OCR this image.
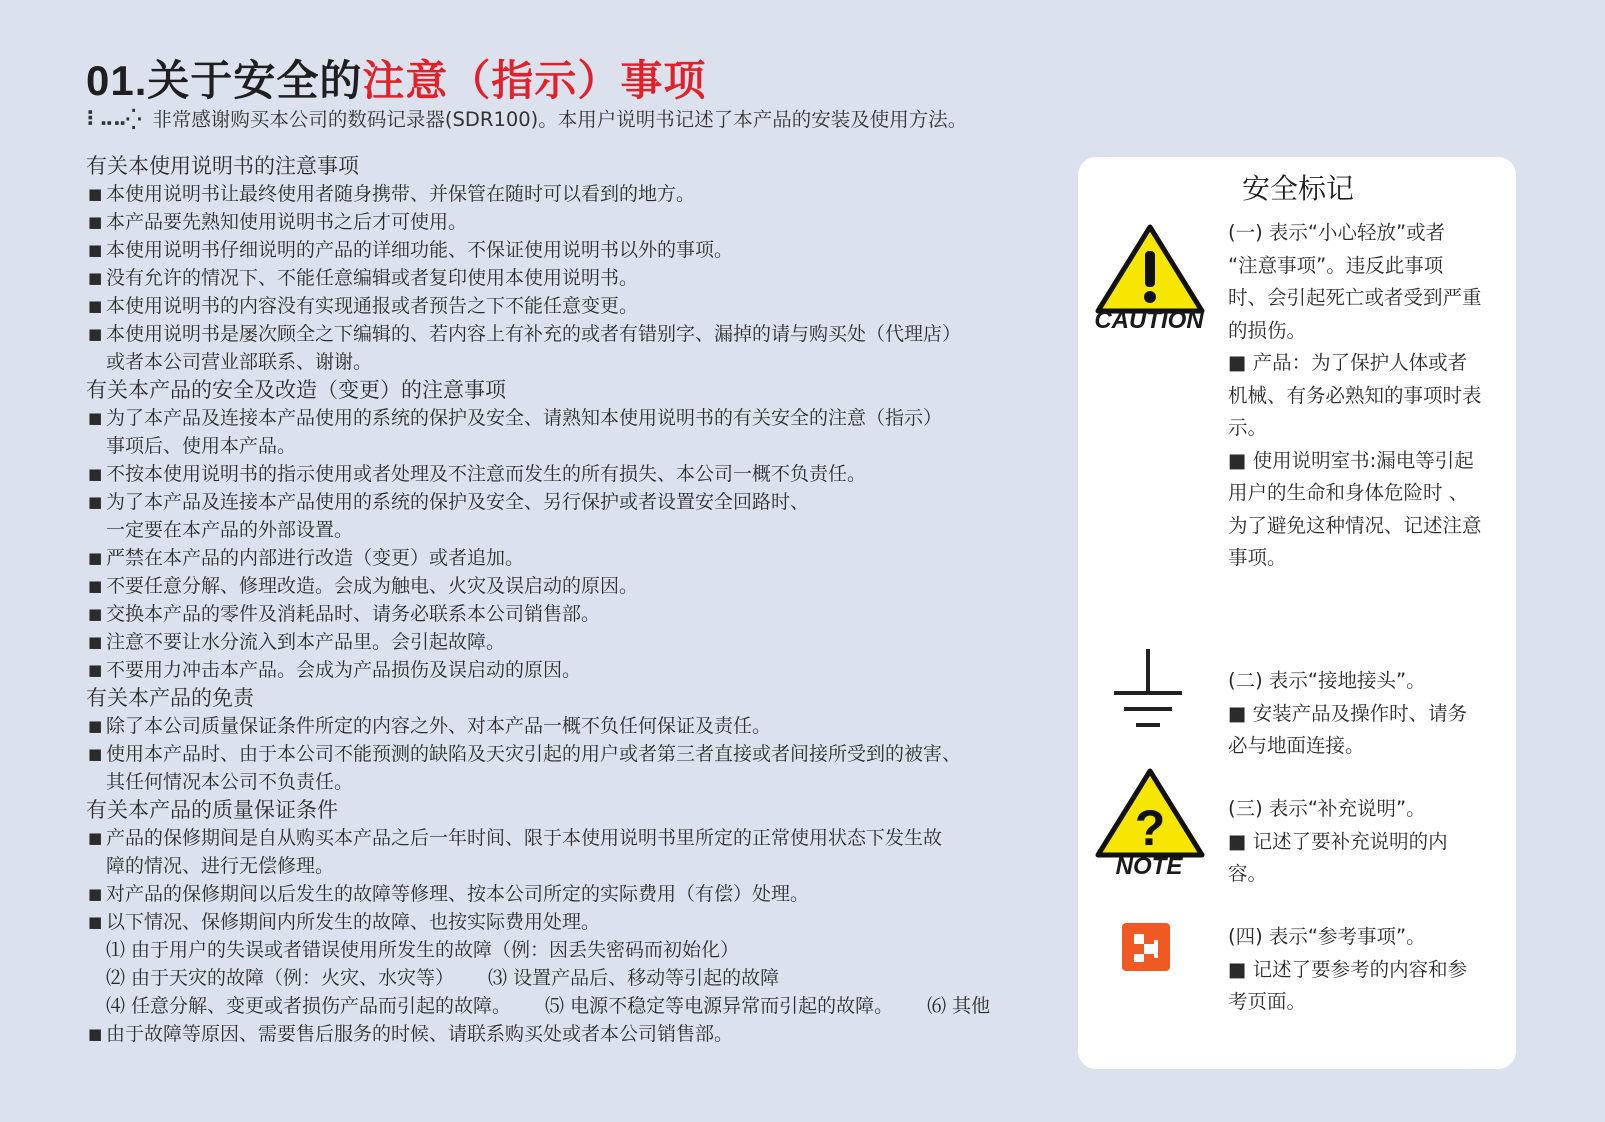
01.关于安全的注意（指示）事项
⠇⠤⠤⁛ 非常感谢购买本公司的数码记录器(SDR100)。本用户说明书记述了本产品的安装及使用方法。
有关本使用说明书的注意事项
■ 本使用说明书让最终使用者随身携带、并保管在随时可以看到的地方。
■ 本产品要先熟知使用说明书之后才可使用。
■ 本使用说明书仔细说明的产品的详细功能、不保证使用说明书以外的事项。
■ 没有允许的情况下、不能任意编辑或者复印使用本使用说明书。
■ 本使用说明书的内容没有实现通报或者预告之下不能任意变更。
■ 本使用说明书是屡次顾全之下编辑的、若内容上有补充的或者有错别字、漏掉的请与购买处（代理店）
或者本公司营业部联系、谢谢。
有关本产品的安全及改造（变更）的注意事项
■ 为了本产品及连接本产品使用的系统的保护及安全、请熟知本使用说明书的有关安全的注意（指示）
事项后、使用本产品。
■ 不按本使用说明书的指示使用或者处理及不注意而发生的所有损失、本公司一概不负责任。
■ 为了本产品及连接本产品使用的系统的保护及安全、另行保护或者设置安全回路时、
一定要在本产品的外部设置。
■ 严禁在本产品的内部进行改造（变更）或者追加。
■ 不要任意分解、修理改造。会成为触电、火灾及误启动的原因。
■ 交换本产品的零件及消耗品时、请务必联系本公司销售部。
■ 注意不要让水分流入到本产品里。会引起故障。
■ 不要用力冲击本产品。会成为产品损伤及误启动的原因。
有关本产品的免责
■ 除了本公司质量保证条件所定的内容之外、对本产品一概不负任何保证及责任。
■ 使用本产品时、由于本公司不能预测的缺陷及天灾引起的用户或者第三者直接或者间接所受到的被害、
其任何情况本公司不负责任。
有关本产品的质量保证条件
■ 产品的保修期间是自从购买本产品之后一年时间、限于本使用说明书里所定的正常使用状态下发生故
障的情况、进行无偿修理。
■ 对产品的保修期间以后发生的故障等修理、按本公司所定的实际费用（有偿）处理。
■ 以下情况、保修期间内所发生的故障、也按实际费用处理。
⑴ 由于用户的失误或者错误使用所发生的故障（例：因丢失密码而初始化）
⑵ 由于天灾的故障（例：火灾、水灾等） ⑶ 设置产品后、移动等引起的故障
⑷ 任意分解、变更或者损伤产品而引起的故障。 ⑸ 电源不稳定等电源异常而引起的故障。 ⑹ 其他
■ 由于故障等原因、需要售后服务的时候、请联系购买处或者本公司销售部。
安全标记
CAUTION
(一) 表示“小心轻放”或者
“注意事项”。违反此事项
时、会引起死亡或者受到严重
的损伤。
■ 产品：为了保护人体或者
机械、有务必熟知的事项时表
示。
■ 使用说明室书:漏电等引起
用户的生命和身体危险时 、
为了避免这种情况、记述注意
事项。
(二) 表示“接地接头”。
■ 安装产品及操作时、请务
必与地面连接。
?
NOTE
(三) 表示“补充说明”。
■ 记述了要补充说明的内
容。
(四) 表示“参考事项”。
■ 记述了要参考的内容和参
考页面。
